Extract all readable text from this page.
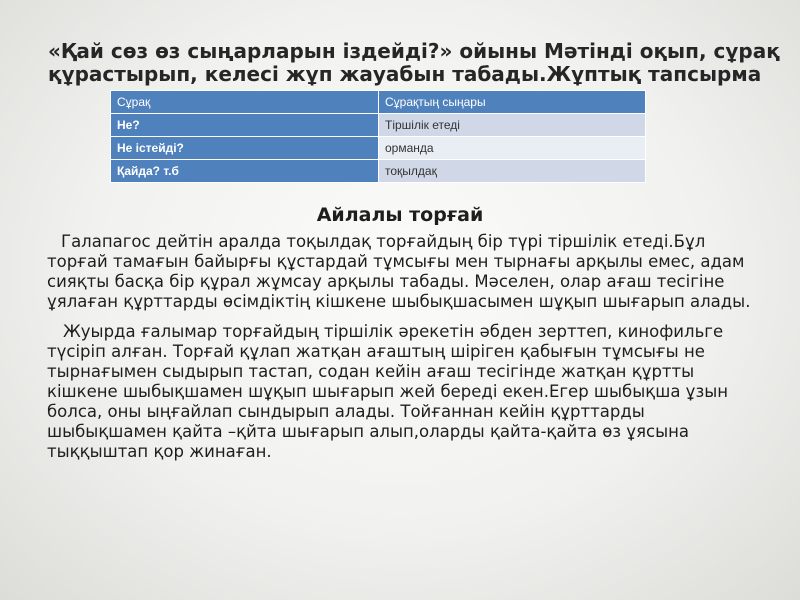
«Қай сөз өз сыңарларын іздейді?» ойыны Мәтінді оқып, сұрақ құрастырып, келесі жұп жауабын табады.Жұптық тапсырма
Сұрақ	Сұрақтың сыңары
Не?	Тіршілік етеді
Не істейді?	орманда
Қайда? т.б	тоқылдақ
Айлалы торғай

Галапагос дейтін аралда тоқылдақ торғайдың бір түрі тіршілік етеді.Бұл торғай тамағын байырғы құстардай тұмсығы мен тырнағы арқылы емес, адам сияқты басқа бір құрал жұмсау арқылы табады. Мәселен, олар ағаш тесігіне ұялаған құрттарды өсімдіктің кішкене шыбықшасымен шұқып шығарып алады.

Жуырда ғалымар торғайдың тіршілік әрекетін әбден зерттеп, кинофильге түсіріп алған. Торғай құлап жатқан ағаштың шіріген қабығын тұмсығы не тырнағымен сыдырып тастап, содан кейін ағаш тесігінде жатқан құртты кішкене шыбықшамен шұқып шығарып жей береді екен.Егер шыбықша ұзын болса, оны ыңғайлап сындырып алады. Тойғаннан кейін құрттарды шыбықшамен қайта –қйта шығарып алып,оларды қайта-қайта өз ұясына тыққыштап қор жинаған.
